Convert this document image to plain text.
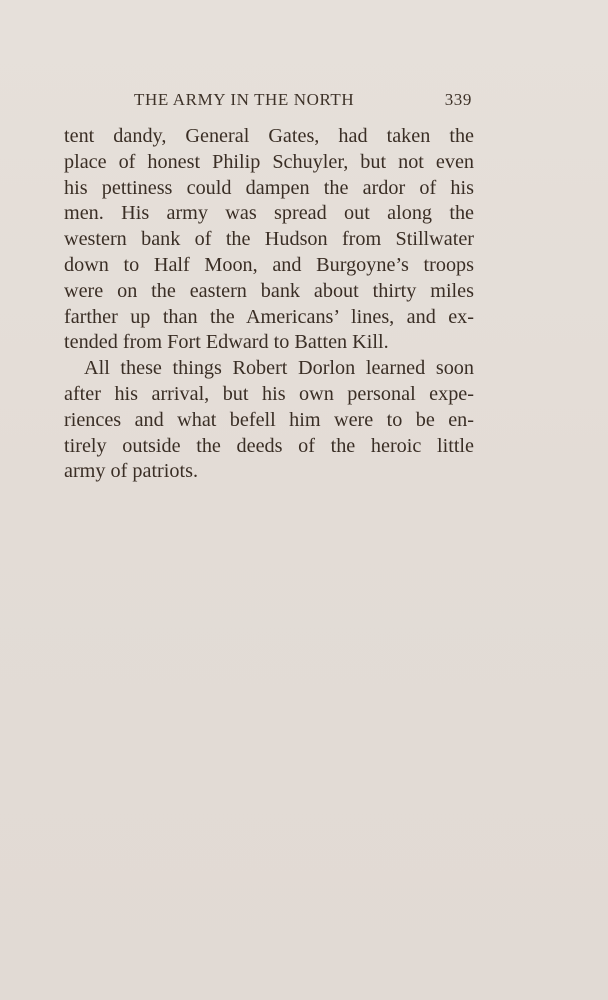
THE ARMY IN THE NORTH	339

tent dandy, General Gates, had taken the
place of honest Philip Schuyler, but not even
his pettiness could dampen the ardor of his
men. His army was spread out along the
western bank of the Hudson from Stillwater
down to Half Moon, and Burgoyne’s troops
were on the eastern bank about thirty miles
farther up than the Americans’ lines, and ex-
tended from Fort Edward to Batten Kill.

All these things Robert Dorlon learned soon
after his arrival, but his own personal expe-
riences and what befell him were to be en-
tirely outside the deeds of the heroic little
army of patriots.
